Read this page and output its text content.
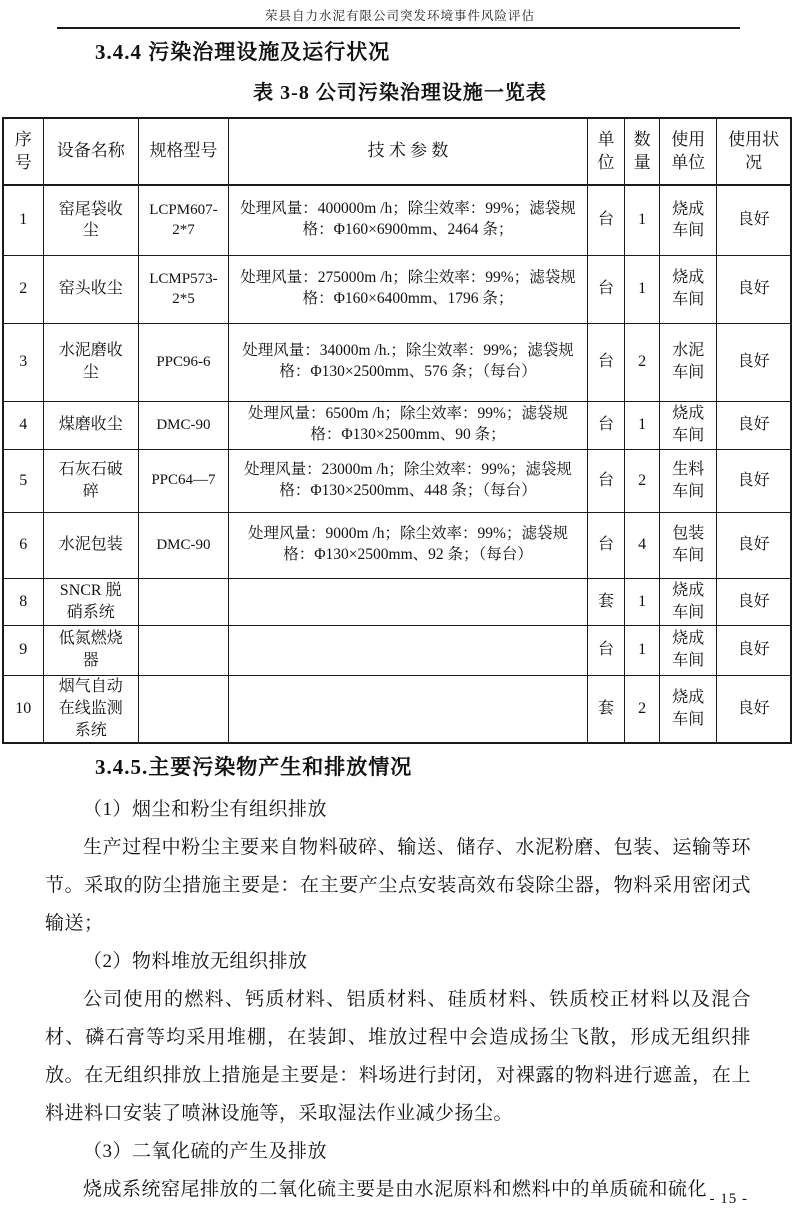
荣县自力水泥有限公司突发环境事件风险评估
3.4.4 污染治理设施及运行状况
表 3-8 公司污染治理设施一览表
序号	设备名称	规格型号	技 术 参 数	单位	数量	使用单位	使用状况
1	窑尾袋收尘	LCPM607-2*7	处理风量：400000m /h；除尘效率：99%；滤袋规格：Φ160×6900mm、2464 条；	台	1	烧成车间	良好
2	窑头收尘	LCMP573-2*5	处理风量：275000m /h；除尘效率：99%；滤袋规格：Φ160×6400mm、1796 条；	台	1	烧成车间	良好
3	水泥磨收尘	PPC96-6	处理风量：34000m /h.；除尘效率：99%；滤袋规格：Φ130×2500mm、576 条；（每台）	台	2	水泥车间	良好
4	煤磨收尘	DMC-90	处理风量：6500m /h；除尘效率：99%；滤袋规格：Φ130×2500mm、90 条；	台	1	烧成车间	良好
5	石灰石破碎	PPC64—7	处理风量：23000m /h；除尘效率：99%；滤袋规格：Φ130×2500mm、448 条；（每台）	台	2	生料车间	良好
6	水泥包装	DMC-90	处理风量：9000m /h；除尘效率：99%；滤袋规格：Φ130×2500mm、92 条；（每台）	台	4	包装车间	良好
8	SNCR 脱硝系统			套	1	烧成车间	良好
9	低氮燃烧器			台	1	烧成车间	良好
10	烟气自动在线监测系统			套	2	烧成车间	良好
3.4.5.主要污染物产生和排放情况

（1）烟尘和粉尘有组织排放

生产过程中粉尘主要来自物料破碎、输送、储存、水泥粉磨、包装、运输等环节。采取的防尘措施主要是：在主要产尘点安装高效布袋除尘器，物料采用密闭式输送；

（2）物料堆放无组织排放

公司使用的燃料、钙质材料、铝质材料、硅质材料、铁质校正材料以及混合材、磷石膏等均采用堆棚，在装卸、堆放过程中会造成扬尘飞散，形成无组织排放。在无组织排放上措施是主要是：料场进行封闭，对裸露的物料进行遮盖，在上料进料口安装了喷淋设施等，采取湿法作业减少扬尘。

（3）二氧化硫的产生及排放

烧成系统窑尾排放的二氧化硫主要是由水泥原料和燃料中的单质硫和硫化 - 15 -
